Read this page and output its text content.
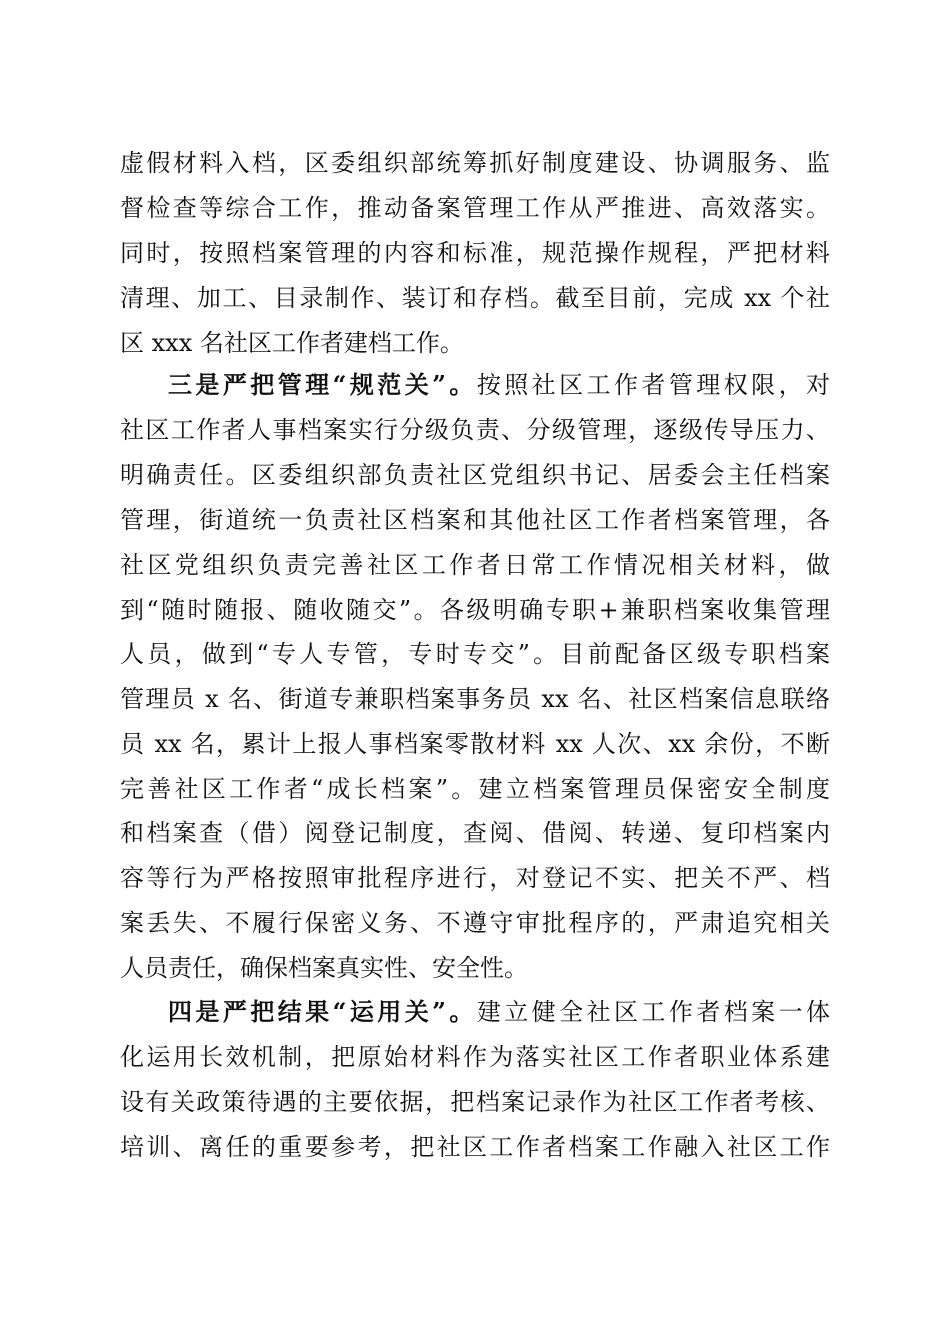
虚假材料入档，区委组织部统筹抓好制度建设、协调服务、监
督检查等综合工作，推动备案管理工作从严推进、高效落实。
同时，按照档案管理的内容和标准，规范操作规程，严把材料
清理、加工、目录制作、装订和存档。截至目前，完成 xx 个社
区 xxx 名社区工作者建档工作。
三是严把管理“规范关”。按照社区工作者管理权限，对
社区工作者人事档案实行分级负责、分级管理，逐级传导压力、
明确责任。区委组织部负责社区党组织书记、居委会主任档案
管理，街道统一负责社区档案和其他社区工作者档案管理，各
社区党组织负责完善社区工作者日常工作情况相关材料，做
到“随时随报、随收随交”。各级明确专职+兼职档案收集管理
人员，做到“专人专管，专时专交”。目前配备区级专职档案
管理员 x 名、街道专兼职档案事务员 xx 名、社区档案信息联络
员 xx 名，累计上报人事档案零散材料 xx 人次、xx 余份，不断
完善社区工作者“成长档案”。建立档案管理员保密安全制度
和档案查（借）阅登记制度，查阅、借阅、转递、复印档案内
容等行为严格按照审批程序进行，对登记不实、把关不严、档
案丢失、不履行保密义务、不遵守审批程序的，严肃追究相关
人员责任，确保档案真实性、安全性。
四是严把结果“运用关”。建立健全社区工作者档案一体
化运用长效机制，把原始材料作为落实社区工作者职业体系建
设有关政策待遇的主要依据，把档案记录作为社区工作者考核、
培训、离任的重要参考，把社区工作者档案工作融入社区工作
